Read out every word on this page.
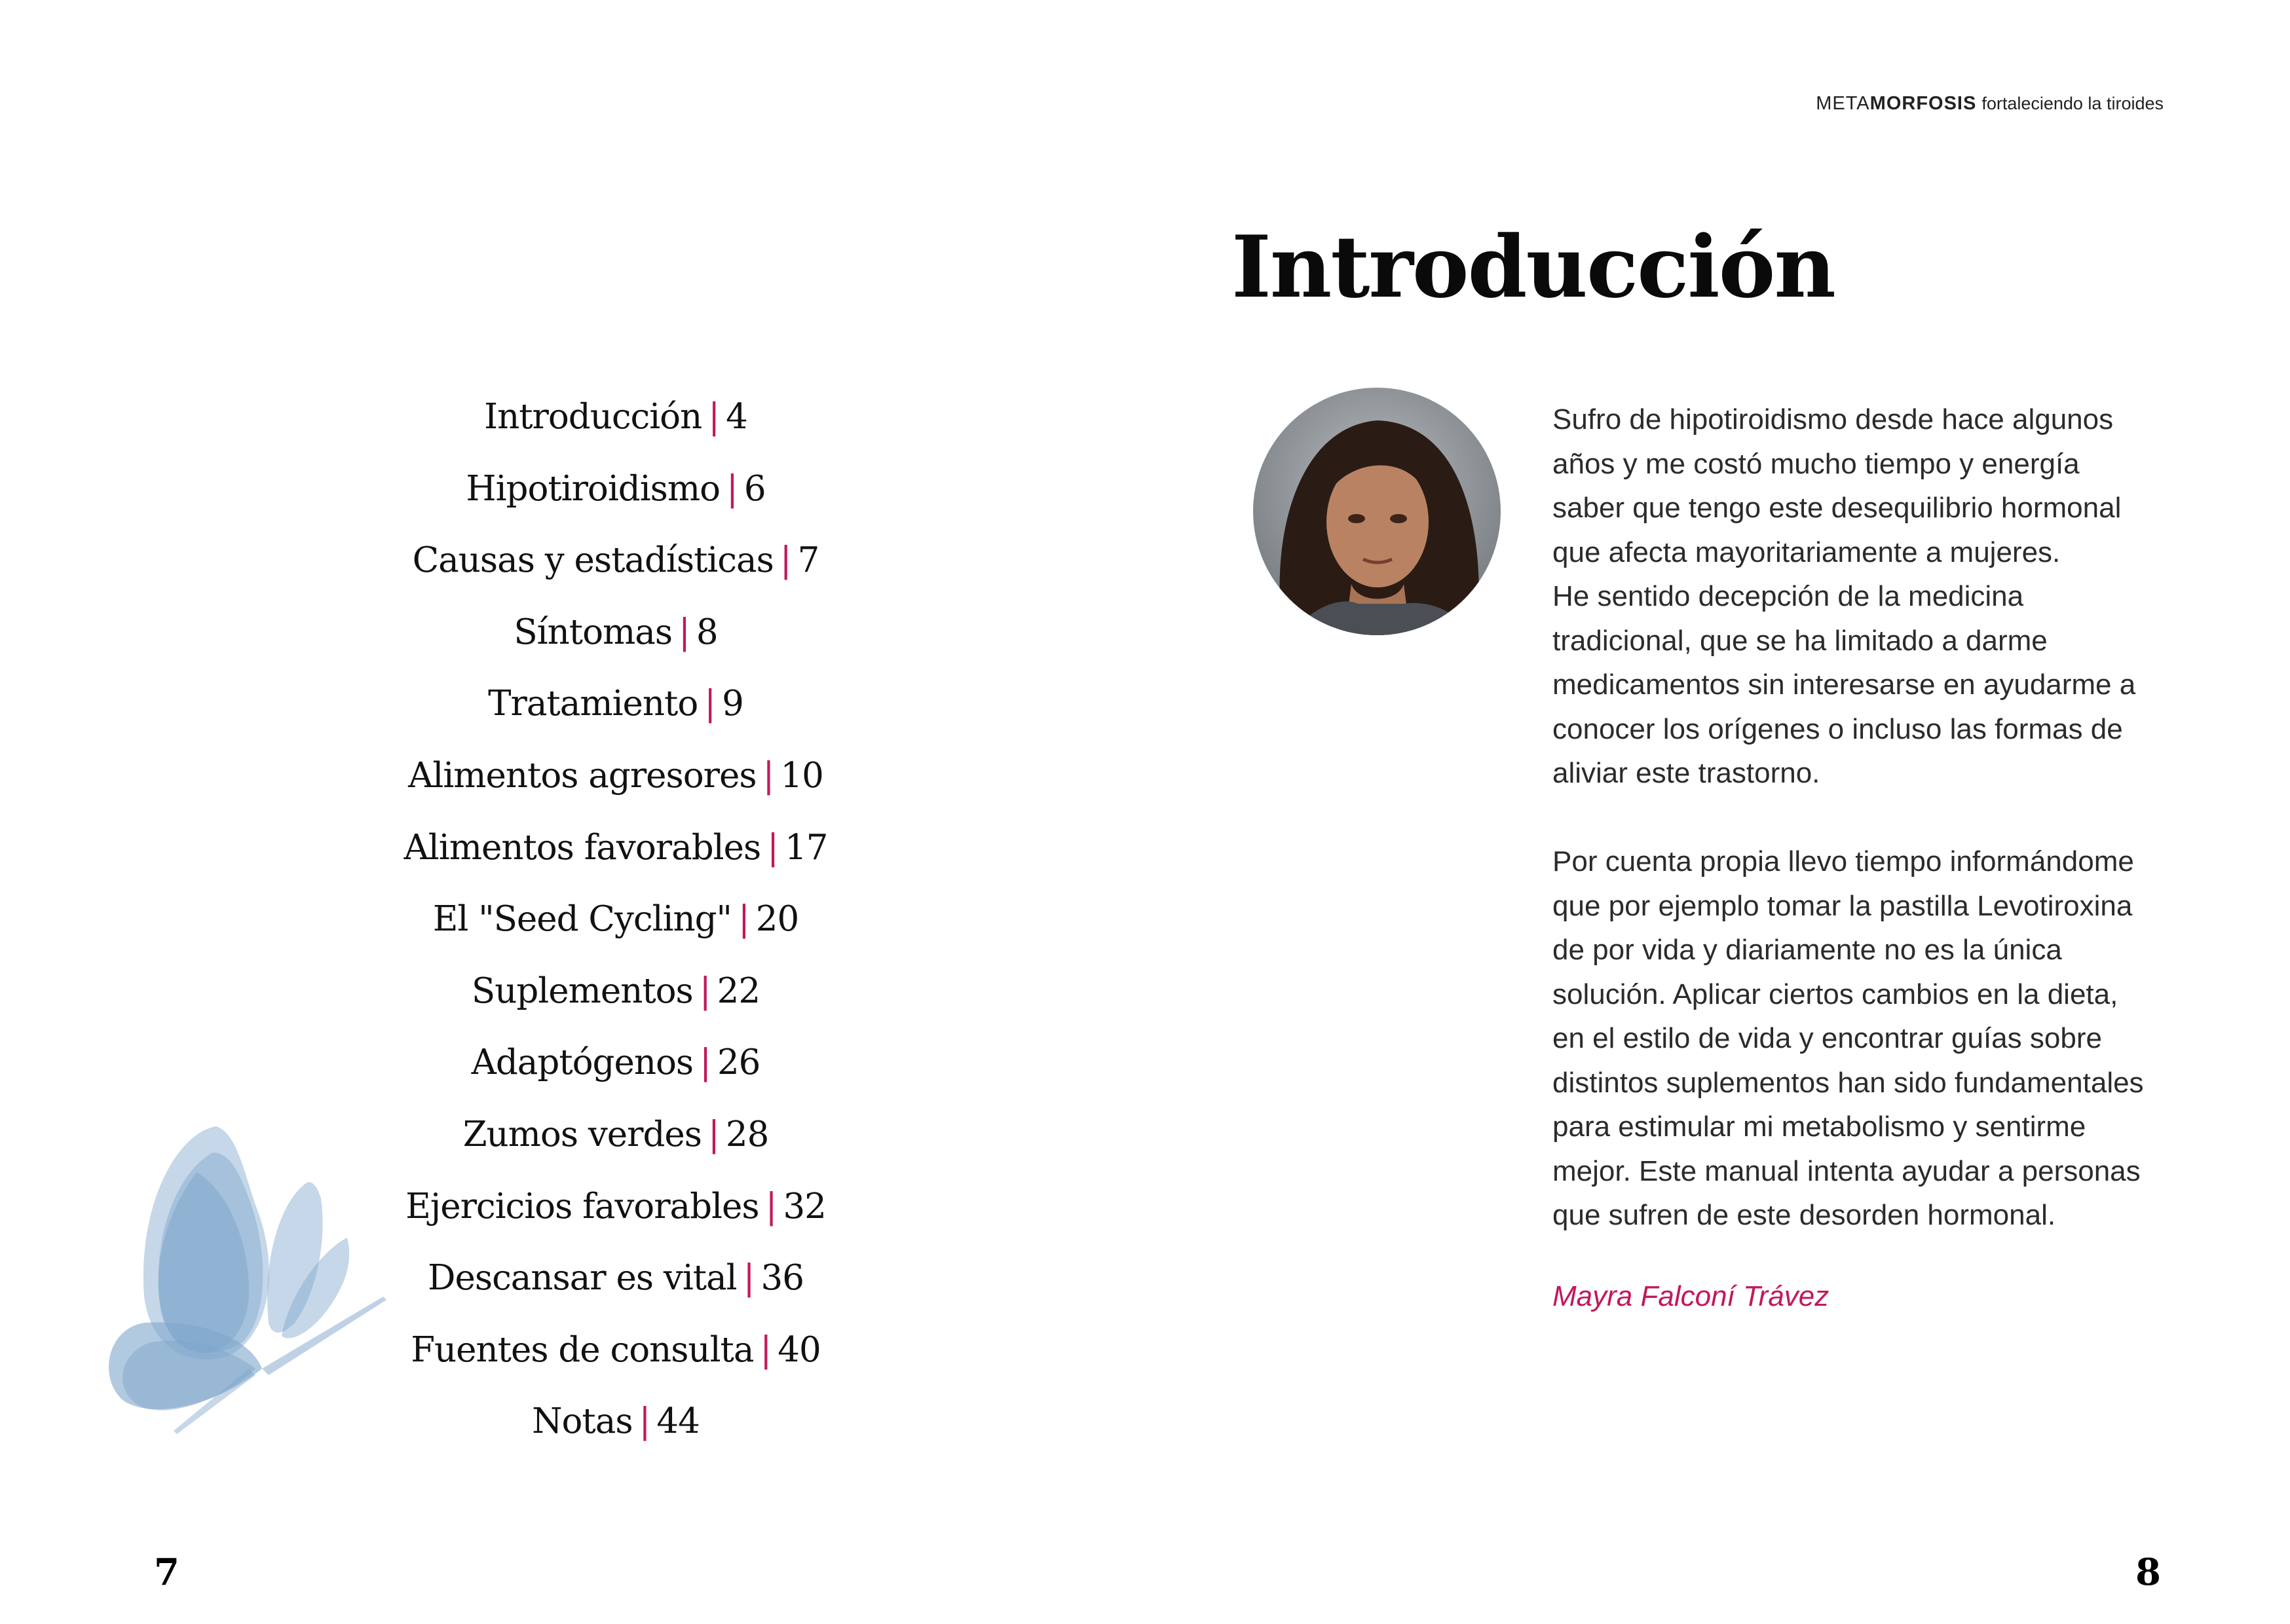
METAMORFOSIS fortaleciendo la tiroides
Introducción | 4
Hipotiroidismo | 6
Causas y estadísticas | 7
Síntomas | 8
Tratamiento | 9
Alimentos agresores | 10
Alimentos favorables | 17
El "Seed Cycling" | 20
Suplementos | 22
Adaptógenos | 26
Zumos verdes | 28
Ejercicios favorables | 32
Descansar es vital | 36
Fuentes de consulta | 40
Notas | 44
7	8
Introducción

Sufro de hipotiroidismo desde hace algunos
años y me costó mucho tiempo y energía
saber que tengo este desequilibrio hormonal
que afecta mayoritariamente a mujeres.
He sentido decepción de la medicina
tradicional, que se ha limitado a darme
medicamentos sin interesarse en ayudarme a
conocer los orígenes o incluso las formas de
aliviar este trastorno.

Por cuenta propia llevo tiempo informándome
que por ejemplo tomar la pastilla Levotiroxina
de por vida y diariamente no es la única
solución. Aplicar ciertos cambios en la dieta,
en el estilo de vida y encontrar guías sobre
distintos suplementos han sido fundamentales
para estimular mi metabolismo y sentirme
mejor. Este manual intenta ayudar a personas
que sufren de este desorden hormonal.

Mayra Falconí Trávez
